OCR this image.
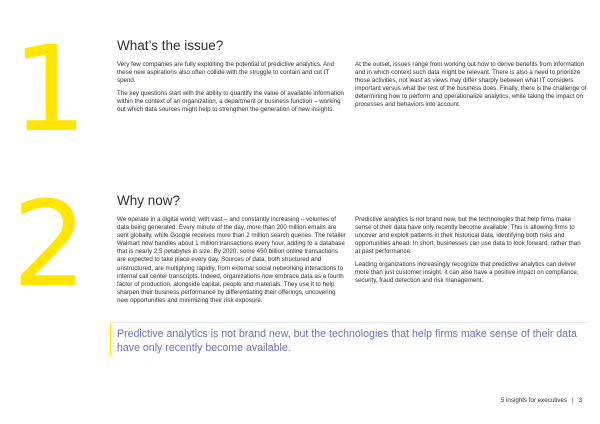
1 What’s the issue?

Very few companies are fully exploiting the potential of predictive analytics. And these new aspirations also often collide with the struggle to contain and cut IT spend.

The key questions start with the ability to quantify the value of available information within the context of an organization, a department or business function – working out which data sources might help to strengthen the generation of new insights.

At the outset, issues range from working out how to derive benefits from information and in which context such data might be relevant. There is also a need to prioritize those activities, not least as views may differ sharply between what IT considers important versus what the rest of the business does. Finally, there is the challenge of determining how to perform and operationalize analytics, while taking the impact on processes and behaviors into account.

2 Why now?

We operate in a digital world, with vast – and constantly increasing – volumes of data being generated. Every minute of the day, more than 200 million emails are sent globally, while Google receives more than 2 million search queries. The retailer Walmart now handles about 1 million transactions every hour, adding to a database that is nearly 2.5 petabytes in size. By 2020, some 450 billion online transactions are expected to take place every day. Sources of data, both structured and unstructured, are multiplying rapidly, from external social networking interactions to internal call center transcripts. Indeed, organizations now embrace data as a fourth factor of production, alongside capital, people and materials. They use it to help sharpen their business performance by differentiating their offerings, uncovering new opportunities and minimizing their risk exposure.

Predictive analytics is not brand new, but the technologies that help firms make sense of their data have only recently become available. This is allowing firms to uncover and exploit patterns in their historical data, identifying both risks and opportunities ahead. In short, businesses can use data to look forward, rather than at past performance.

Leading organizations increasingly recognize that predictive analytics can deliver more than just customer insight; it can also have a positive impact on compliance, security, fraud detection and risk management.

Predictive analytics is not brand new, but the technologies that help firms make sense of their data have only recently become available.

5 insights for executives | 3
